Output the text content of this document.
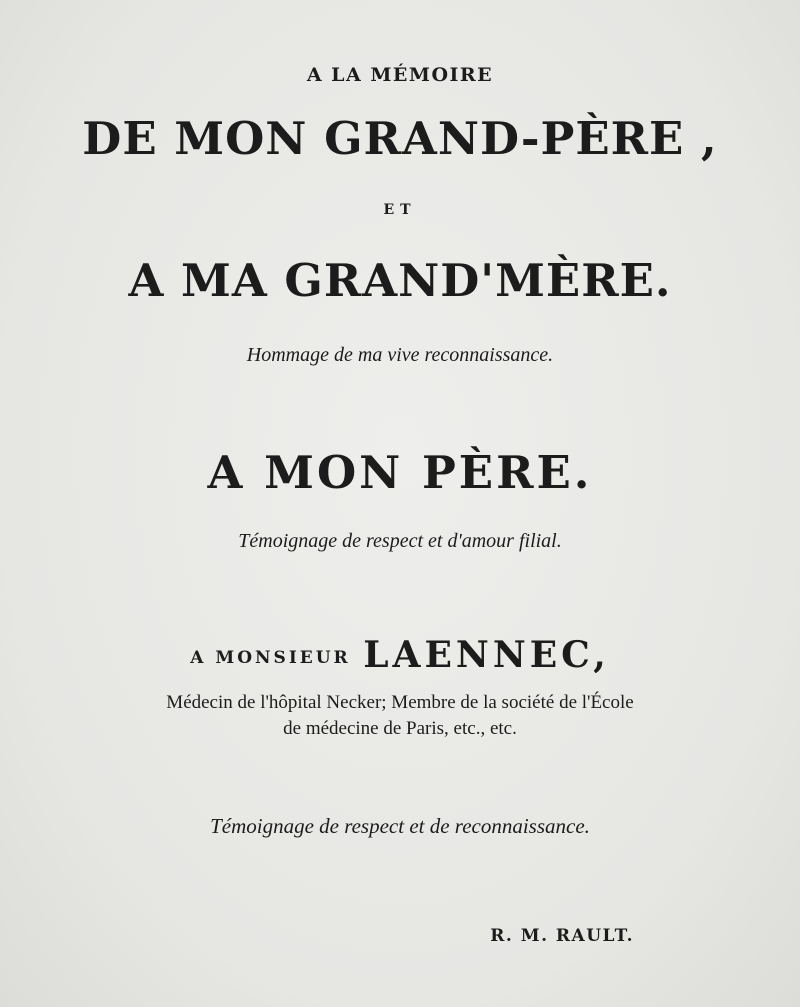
A LA MÉMOIRE
DE MON GRAND-PÈRE ,
ET
A MA GRAND'MÈRE.
Hommage de ma vive reconnaissance.
A MON PÈRE.
Témoignage de respect et d'amour filial.
A MONSIEUR LAENNEC,
Médecin de l'hôpital Necker; Membre de la société de l'École
de médecine de Paris, etc., etc.
Témoignage de respect et de reconnaissance.
R. M. RAULT.
